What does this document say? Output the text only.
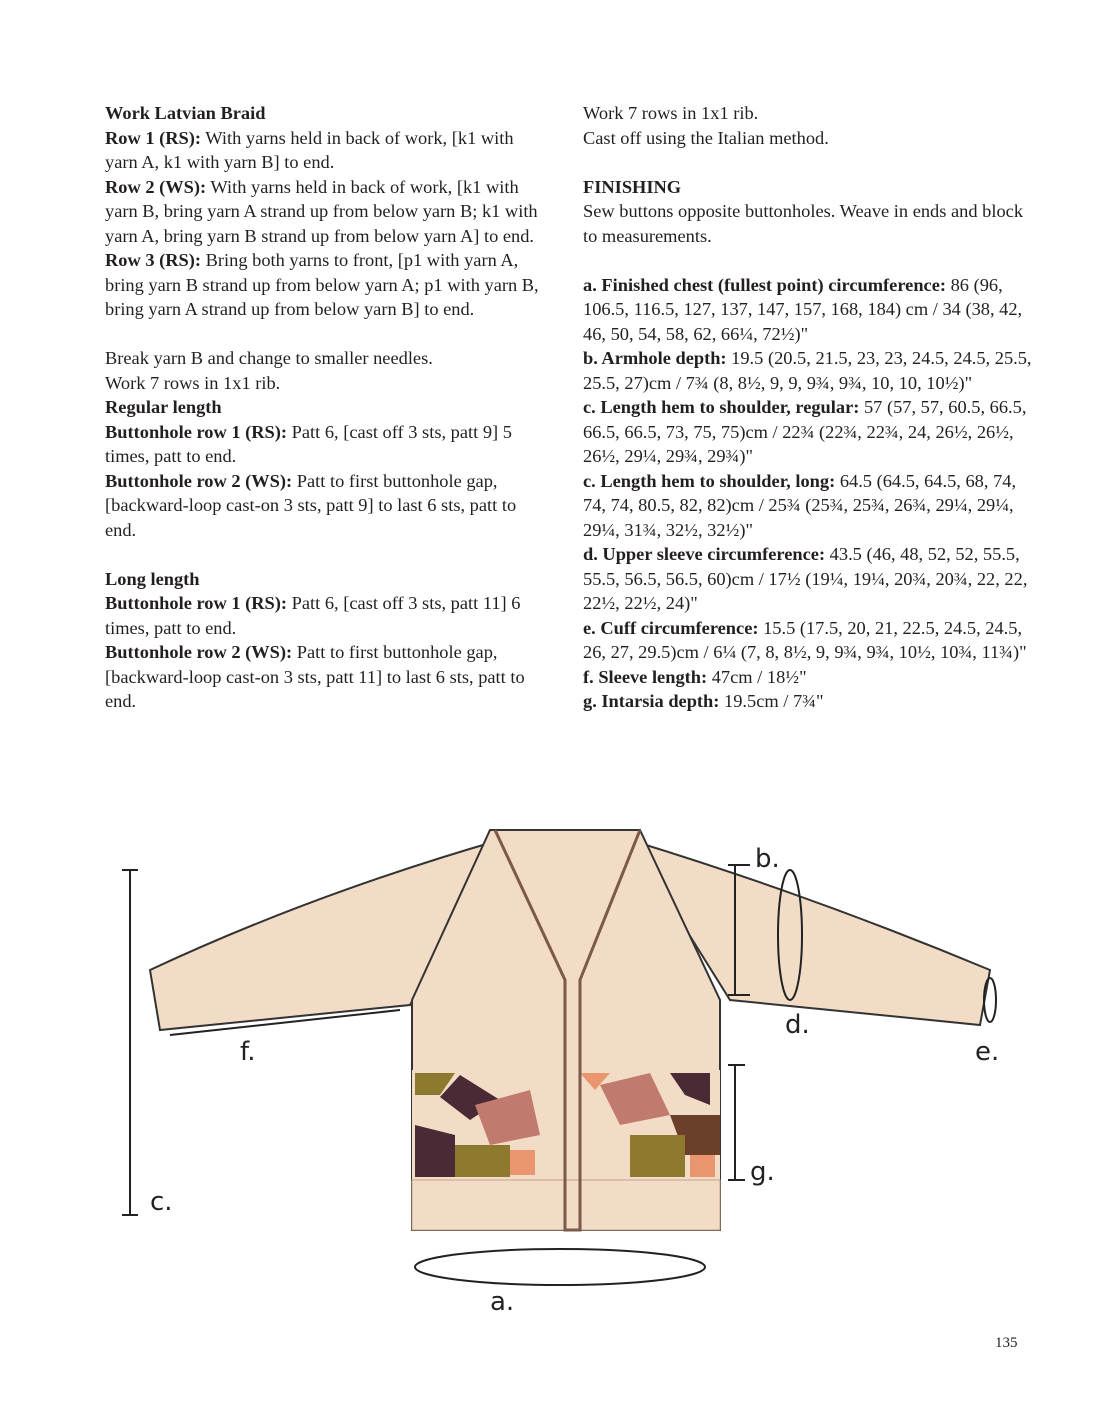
Work Latvian Braid

Row 1 (RS): With yarns held in back of work, [k1 with yarn A, k1 with yarn B] to end.

Row 2 (WS): With yarns held in back of work, [k1 with yarn B, bring yarn A strand up from below yarn B; k1 with yarn A, bring yarn B strand up from below yarn A] to end.

Row 3 (RS): Bring both yarns to front, [p1 with yarn A, bring yarn B strand up from below yarn A; p1 with yarn B, bring yarn A strand up from below yarn B] to end.

Break yarn B and change to smaller needles.

Work 7 rows in 1x1 rib.

Regular length

Buttonhole row 1 (RS): Patt 6, [cast off 3 sts, patt 9] 5 times, patt to end.

Buttonhole row 2 (WS): Patt to first buttonhole gap, [backward-loop cast-on 3 sts, patt 9] to last 6 sts, patt to end.

Long length

Buttonhole row 1 (RS): Patt 6, [cast off 3 sts, patt 11] 6 times, patt to end.

Buttonhole row 2 (WS): Patt to first buttonhole gap, [backward-loop cast-on 3 sts, patt 11] to last 6 sts, patt to end.

Work 7 rows in 1x1 rib.

Cast off using the Italian method.

FINISHING

Sew buttons opposite buttonholes. Weave in ends and block to measurements.

a. Finished chest (fullest point) circumference: 86 (96, 106.5, 116.5, 127, 137, 147, 157, 168, 184) cm / 34 (38, 42, 46, 50, 54, 58, 62, 66¼, 72½)"

b. Armhole depth: 19.5 (20.5, 21.5, 23, 23, 24.5, 24.5, 25.5, 25.5, 27)cm / 7¾ (8, 8½, 9, 9, 9¾, 9¾, 10, 10, 10½)"

c. Length hem to shoulder, regular: 57 (57, 57, 60.5, 66.5, 66.5, 66.5, 73, 75, 75)cm / 22¾ (22¾, 22¾, 24, 26½, 26½, 26½, 29¼, 29¾, 29¾)"

c. Length hem to shoulder, long: 64.5 (64.5, 64.5, 68, 74, 74, 74, 80.5, 82, 82)cm / 25¾ (25¾, 25¾, 26¾, 29¼, 29¼, 29¼, 31¾, 32½, 32½)"

d. Upper sleeve circumference: 43.5 (46, 48, 52, 52, 55.5, 55.5, 56.5, 56.5, 60)cm / 17½ (19¼, 19¼, 20¾, 20¾, 22, 22, 22½, 22½, 24)"

e. Cuff circumference: 15.5 (17.5, 20, 21, 22.5, 24.5, 24.5, 26, 27, 29.5)cm / 6¼ (7, 8, 8½, 9, 9¾, 9¾, 10½, 10¾, 11¾)"

f. Sleeve length: 47cm / 18½"

g. Intarsia depth: 19.5cm / 7¾"

c.
f.
b.
d.
e.
g.
a.
135
